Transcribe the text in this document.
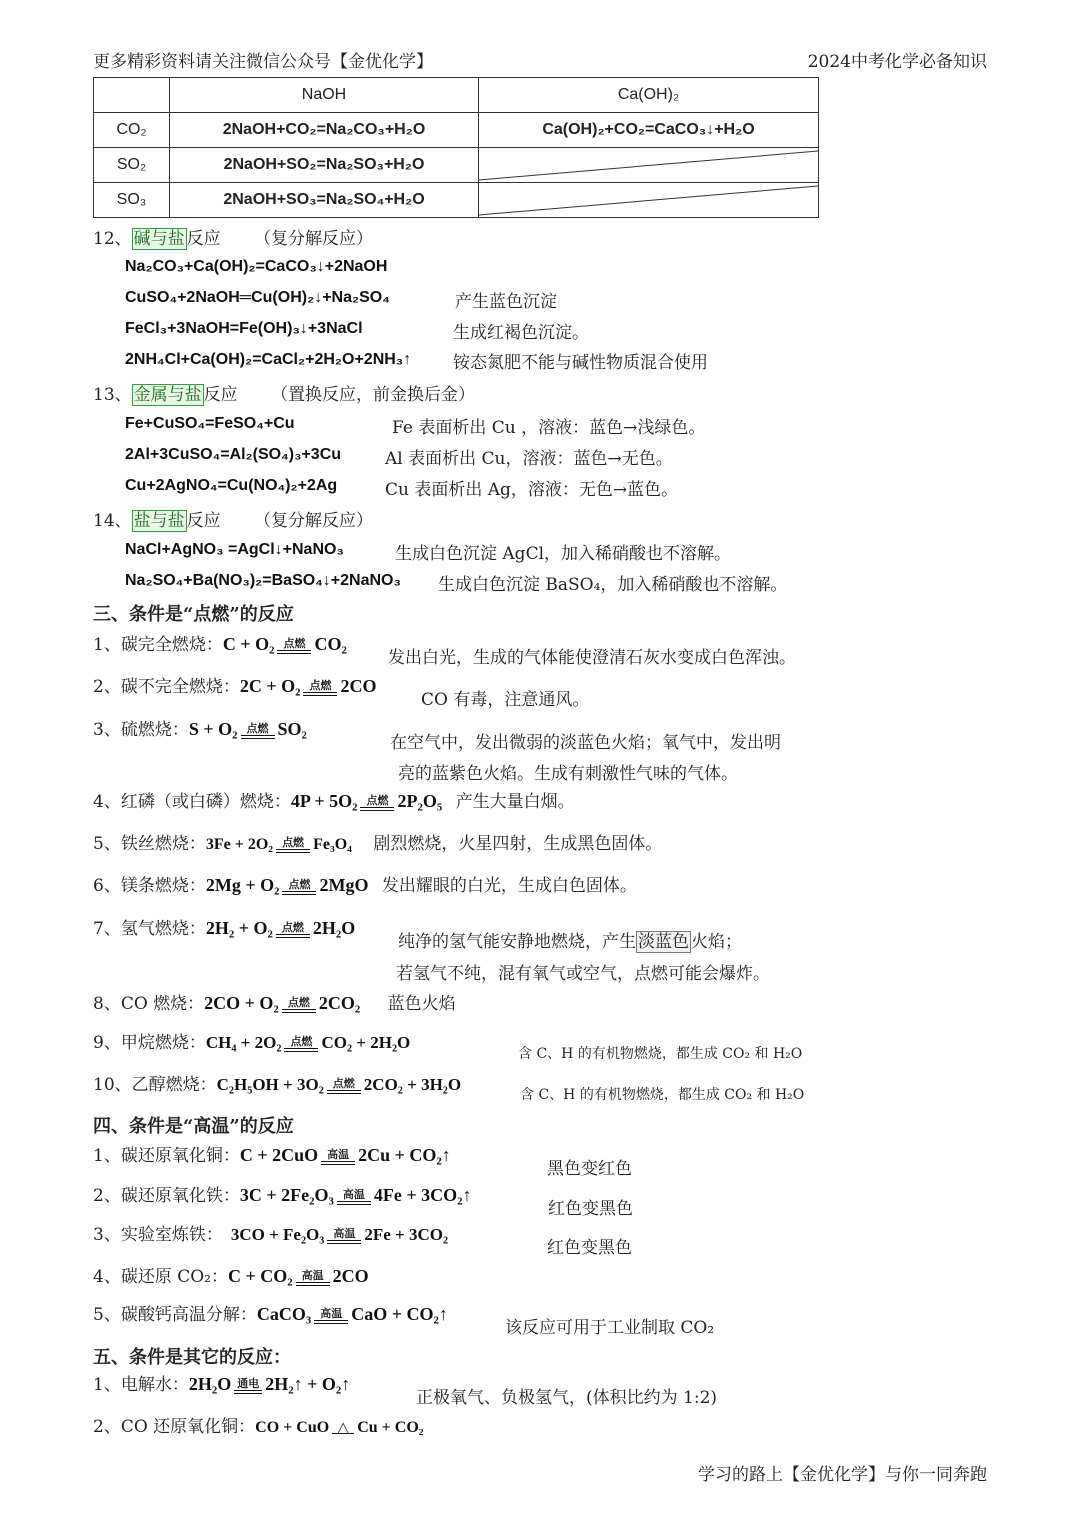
更多精彩资料请关注微信公众号【金优化学】	2024中考化学必备知识
	NaOH	Ca(OH)₂
CO₂	2NaOH+CO₂=Na₂CO₃+H₂O	Ca(OH)₂+CO₂=CaCO₃↓+H₂O
SO₂	2NaOH+SO₂=Na₂SO₃+H₂O	

SO₃	2NaOH+SO₃=Na₂SO₄+H₂O	
12、 碱与盐 反应 （复分解反应）
Na₂CO₃+Ca(OH)₂=CaCO₃↓+2NaOH
CuSO₄+2NaOH═Cu(OH)₂↓+Na₂SO₄	产生蓝色沉淀
FeCl₃+3NaOH=Fe(OH)₃↓+3NaCl	生成红褐色沉淀。
2NH₄Cl+Ca(OH)₂=CaCl₂+2H₂O+2NH₃↑ 铵态氮肥不能与碱性物质混合使用
13、 金属与盐 反应 （置换反应，前金换后金）
Fe+CuSO₄=FeSO₄+Cu	Fe 表面析出 Cu ，溶液：蓝色→浅绿色。
2Al+3CuSO₄=Al₂(SO₄)₃+3Cu	Al 表面析出 Cu，溶液：蓝色→无色。
Cu+2AgNO₄=Cu(NO₄)₂+2Ag	Cu 表面析出 Ag，溶液：无色→蓝色。
14、 盐与盐 反应 （复分解反应）
NaCl+AgNO₃ =AgCl↓+NaNO₃	生成白色沉淀 AgCl，加入稀硝酸也不溶解。
Na₂SO₄+Ba(NO₃)₂=BaSO₄↓+2NaNO₃ 生成白色沉淀 BaSO₄，加入稀硝酸也不溶解。
三、条件是“点燃”的反应
1、碳完全燃烧：C + O₂ 点燃 CO₂
发出白光，生成的气体能使澄清石灰水变成白色浑浊。
2、碳不完全燃烧：2C + O₂ 点燃 2CO
CO 有毒，注意通风。
3、硫燃烧：S + O₂ 点燃 SO₂
在空气中，发出微弱的淡蓝色火焰；氧气中，发出明
亮的蓝紫色火焰。生成有刺激性气味的气体。
4、红磷（或白磷）燃烧：4P + 5O₂ 点燃 2P₂O₅ 产生大量白烟。
5、铁丝燃烧：3Fe + 2O₂ 点燃 Fe₃O₄ 剧烈燃烧，火星四射，生成黑色固体。
6、镁条燃烧：2Mg + O₂ 点燃 2MgO 发出耀眼的白光，生成白色固体。
7、氢气燃烧：2H₂ + O₂ 点燃 2H₂O
纯净的氢气能安静地燃烧，产生 淡蓝色 火焰；
若氢气不纯，混有氧气或空气，点燃可能会爆炸。
8、CO 燃烧：2CO + O₂ 点燃 2CO₂ 蓝色火焰
9、甲烷燃烧：CH₄ + 2O₂ 点燃 CO₂ + 2H₂O
含 C、H 的有机物燃烧，都生成 CO₂ 和 H₂O
10、乙醇燃烧：C₂H₅OH + 3O₂ 点燃 2CO₂ + 3H₂O
含 C、H 的有机物燃烧，都生成 CO₂ 和 H₂O
四、条件是“高温”的反应
1、碳还原氧化铜：C + 2CuO 高温 2Cu + CO₂↑
黑色变红色
2、碳还原氧化铁：3C + 2Fe₂O₃ 高温 4Fe + 3CO₂↑
红色变黑色
3、实验室炼铁： 3CO + Fe₂O₃ 高温 2Fe + 3CO₂
红色变黑色
4、碳还原 CO₂：C + CO₂ 高温 2CO
5、碳酸钙高温分解：CaCO₃ 高温 CaO + CO₂↑
该反应可用于工业制取 CO₂
五、条件是其它的反应：
1、电解水：2H₂O 通电 2H₂↑ + O₂↑
正极氧气、负极氢气，(体积比约为 1:2)
2、CO 还原氧化铜：CO + CuO △ Cu + CO₂
学习的路上【金优化学】与你一同奔跑
